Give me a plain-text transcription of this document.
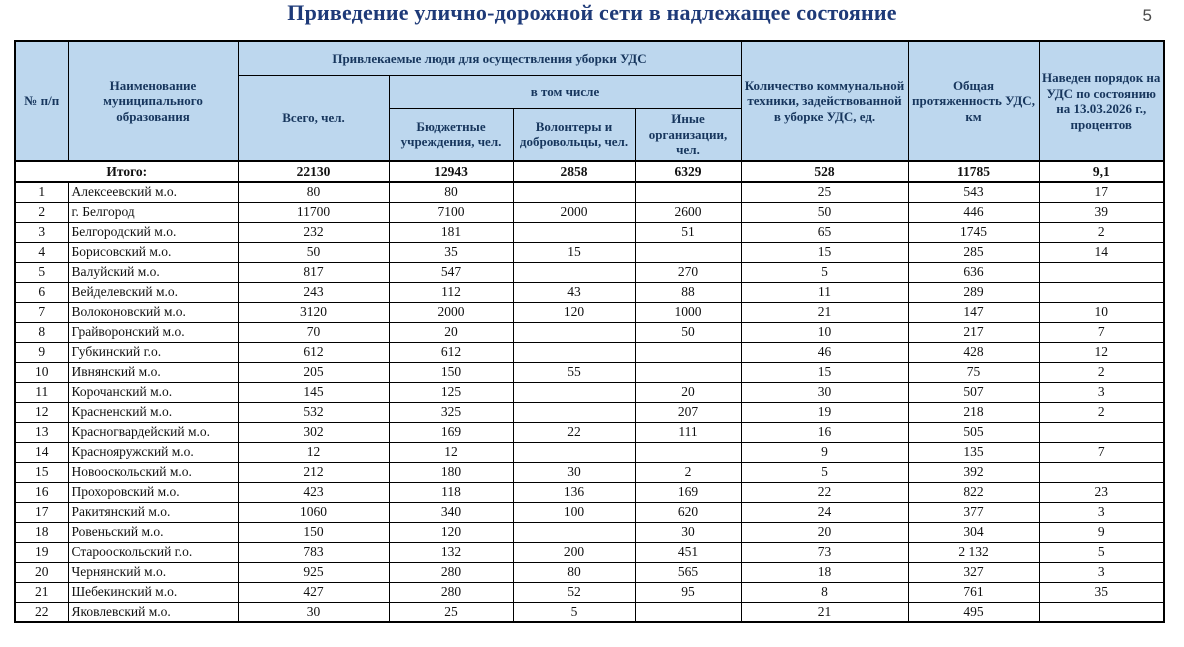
Приведение улично-дорожной сети в надлежащее состояние	5
№ п/п	Наименование муниципального образования	Привлекаемые люди для осуществления уборки УДС				Количество коммунальной техники, задействованной в уборке УДС, ед.	Общая протяженность УДС, км	Наведен порядок на УДС по состоянию на 13.03.2026 г., процентов
		Всего, чел.	в том числе					
			Бюджетные учреждения, чел.	Волонтеры и добровольцы, чел.	Иные организации, чел.			
Итого:		22130	12943	2858	6329	528	11785	9,1
1	Алексеевский м.о.	80	80			25	543	17
2	г. Белгород	11700	7100	2000	2600	50	446	39
3	Белгородский м.о.	232	181		51	65	1745	2
4	Борисовский м.о.	50	35	15		15	285	14
5	Валуйский м.о.	817	547		270	5	636	
6	Вейделевский м.о.	243	112	43	88	11	289	
7	Волоконовский м.о.	3120	2000	120	1000	21	147	10
8	Грайворонский м.о.	70	20		50	10	217	7
9	Губкинский г.о.	612	612			46	428	12
10	Ивнянский м.о.	205	150	55		15	75	2
11	Корочанский м.о.	145	125		20	30	507	3
12	Красненский м.о.	532	325		207	19	218	2
13	Красногвардейский м.о.	302	169	22	111	16	505	
14	Краснояружский м.о.	12	12			9	135	7
15	Новооскольский м.о.	212	180	30	2	5	392	
16	Прохоровский м.о.	423	118	136	169	22	822	23
17	Ракитянский м.о.	1060	340	100	620	24	377	3
18	Ровеньский м.о.	150	120		30	20	304	9
19	Старооскольский г.о.	783	132	200	451	73	2 132	5
20	Чернянский м.о.	925	280	80	565	18	327	3
21	Шебекинский м.о.	427	280	52	95	8	761	35
22	Яковлевский м.о.	30	25	5		21	495	
